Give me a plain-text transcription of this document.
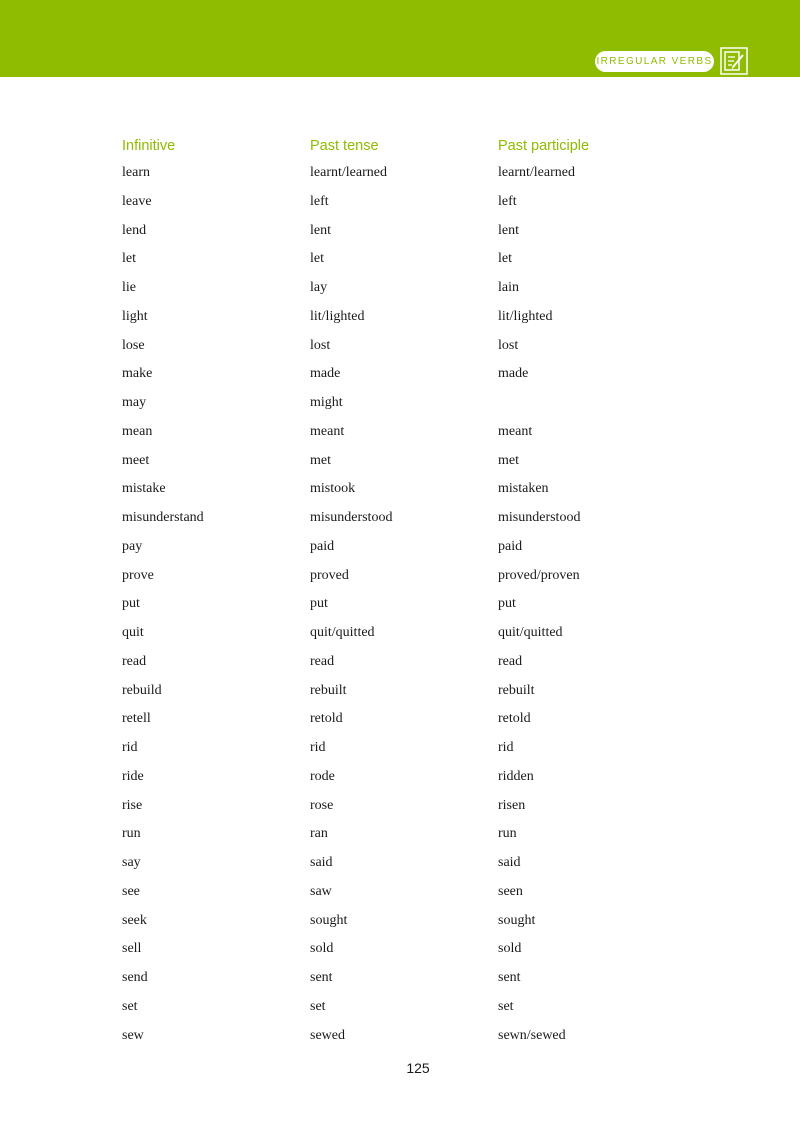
IRREGULAR VERBS
Infinitive	Past tense	Past participle
learn	learnt/learned	learnt/learned
leave	left	left
lend	lent	lent
let	let	let
lie	lay	lain
light	lit/lighted	lit/lighted
lose	lost	lost
make	made	made
may	might
mean	meant	meant
meet	met	met
mistake	mistook	mistaken
misunderstand	misunderstood	misunderstood
pay	paid	paid
prove	proved	proved/proven
put	put	put
quit	quit/quitted	quit/quitted
read	read	read
rebuild	rebuilt	rebuilt
retell	retold	retold
rid	rid	rid
ride	rode	ridden
rise	rose	risen
run	ran	run
say	said	said
see	saw	seen
seek	sought	sought
sell	sold	sold
send	sent	sent
set	set	set
sew	sewed	sewn/sewed
125
